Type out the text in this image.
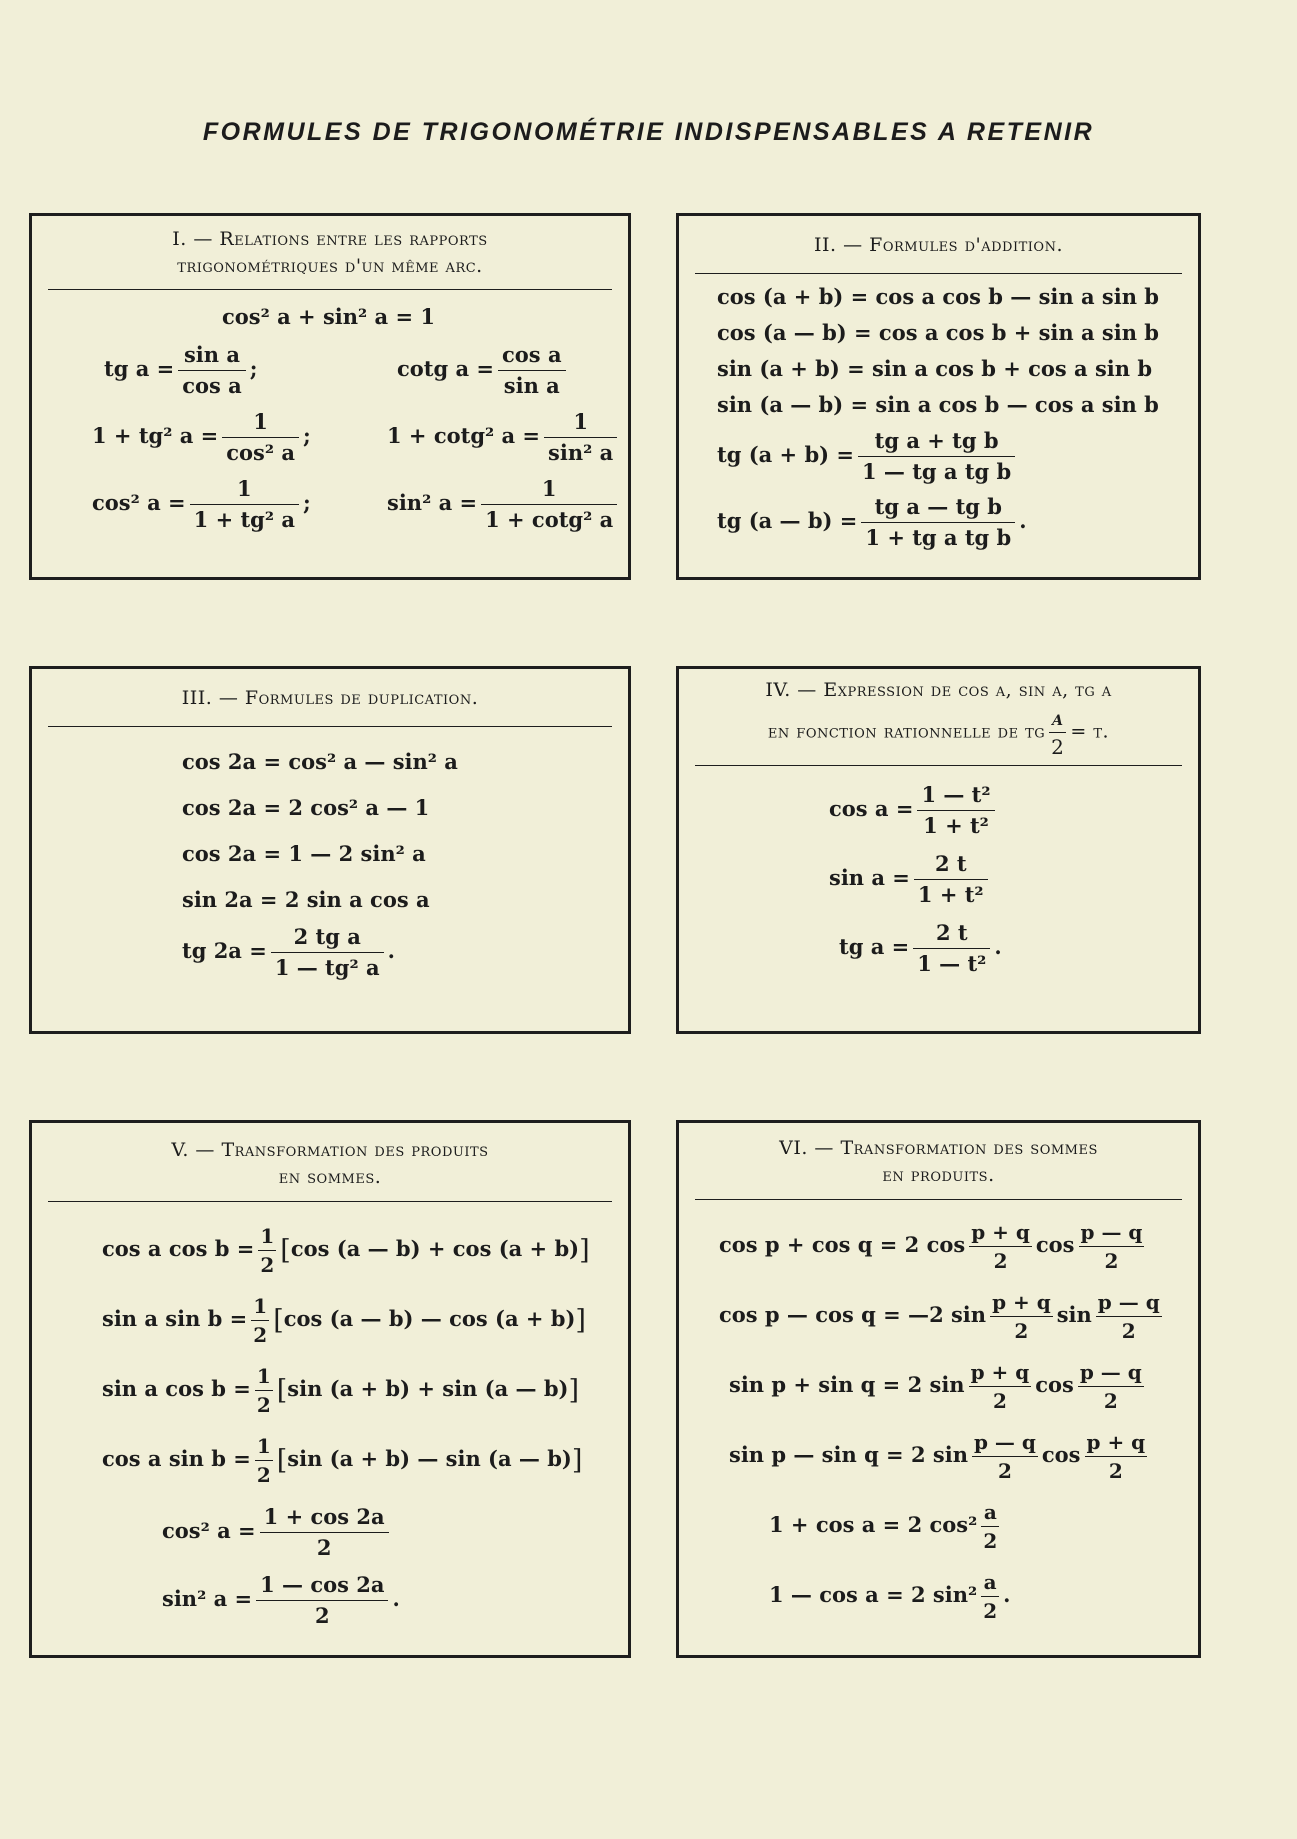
FORMULES DE TRIGONOMÉTRIE INDISPENSABLES A RETENIR
I. — Relations entre les rapports
trigonométriques d'un même arc.
cos² a + sin² a = 1
tg $a = \frac{\text{sin a}}{\text{cos a}}$ ;	cotg $a = \frac{\text{cos a}}{\text{sin a}}$
1 + tg² $a = \frac{1}{\text{cos² a}}$ ;	1 + cotg² $a = \frac{1}{\text{sin² a}}$
cos² $a = \frac{1}{\text{1 + tg² a}}$ ;	sin² $a = \frac{1}{\text{1 + cotg² a}}$
II. — Formules d'addition.
cos (a + b) = cos a cos b — sin a sin b
cos (a — b) = cos a cos b + sin a sin b
sin (a + b) = sin a cos b + cos a sin b
sin (a — b) = sin a cos b — cos a sin b
tg $(a + b) = \frac{\text{tg a + tg b}}{\text{1 — tg a tg b}}$
tg (a — $b) = \frac{\text{tg a — tg b}}{\text{1 + tg a tg b}}$ .
III. — Formules de duplication.
cos 2a = cos² a — sin² a
cos 2a = 2 cos² a — 1
cos 2a = 1 — 2 sin² a
sin 2a = 2 sin a cos a
tg $2a = \frac{\text{2 tg a}}{\text{1 — tg² a}}$ .
IV. — Expression de cos a, sin a, tg a
en fonction rationnelle de tg $\frac{a}{2} = t$.
$\cos a = \frac{\text{1 — t²}}{\text{1 + t²}}$
$\sin a = \frac{2 t}{\text{1 + t²}}$
tg $a = \frac{2 t}{\text{1 — t²}}$ .
V. — Transformation des produits
en sommes.
cos a $\cos b = \frac{1}{2} [\cos$ (a — b) + cos (a + b)]
sin a $\sin b = \frac{1}{2} [\cos$ (a — b) — cos (a + b)]
sin a $\cos b = \frac{1}{2} [\sin$ (a + b) + sin (a — b)]
cos a $\sin b = \frac{1}{2} [\sin$ (a + b) — sin (a — b)]
cos² $a = \frac{1 + \cos 2a}{2}$
sin² $a = \frac{1 — \cos 2a}{2}$ .
VI. — Transformation des sommes
en produits.
cos p + cos q = 2 $\cos \frac{p + q}{2}$ $\cos \frac{p — q}{2}$
cos p — cos q = —2 $\sin \frac{p + q}{2}$ $\sin \frac{p — q}{2}$
sin p + sin q = 2 $\sin \frac{p + q}{2}$ $\cos \frac{p — q}{2}$
sin p — sin q = 2 $\sin \frac{p — q}{2}$ $\cos \frac{p + q}{2}$
1 + cos a = 2 $\cos^2 \frac{a}{2}$
1 — cos a = 2 $\sin^2 \frac{a}{2}$ .
